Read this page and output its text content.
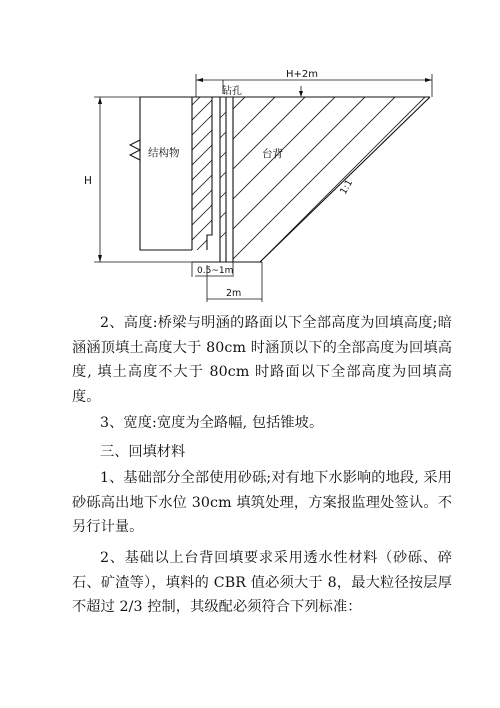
H+2m
钻孔
结构物	台背
1:1
H
0.5~1m
2m
2、高度:桥梁与明涵的路面以下全部高度为回填高度;暗涵涵顶填土高度大于 80cm 时涵顶以下的全部高度为回填高度, 填土高度不大于 80cm 时路面以下全部高度为回填高度。
3、宽度:宽度为全路幅, 包括锥坡。
三、回填材料
1、基础部分全部使用砂砾;对有地下水影响的地段, 采用砂砾高出地下水位 30cm 填筑处理，方案报监理处签认。不另行计量。
2、基础以上台背回填要求采用透水性材料（砂砾、碎石、矿渣等），填料的 CBR 值必须大于 8，最大粒径按层厚不超过 2/3 控制，其级配必须符合下列标准：
